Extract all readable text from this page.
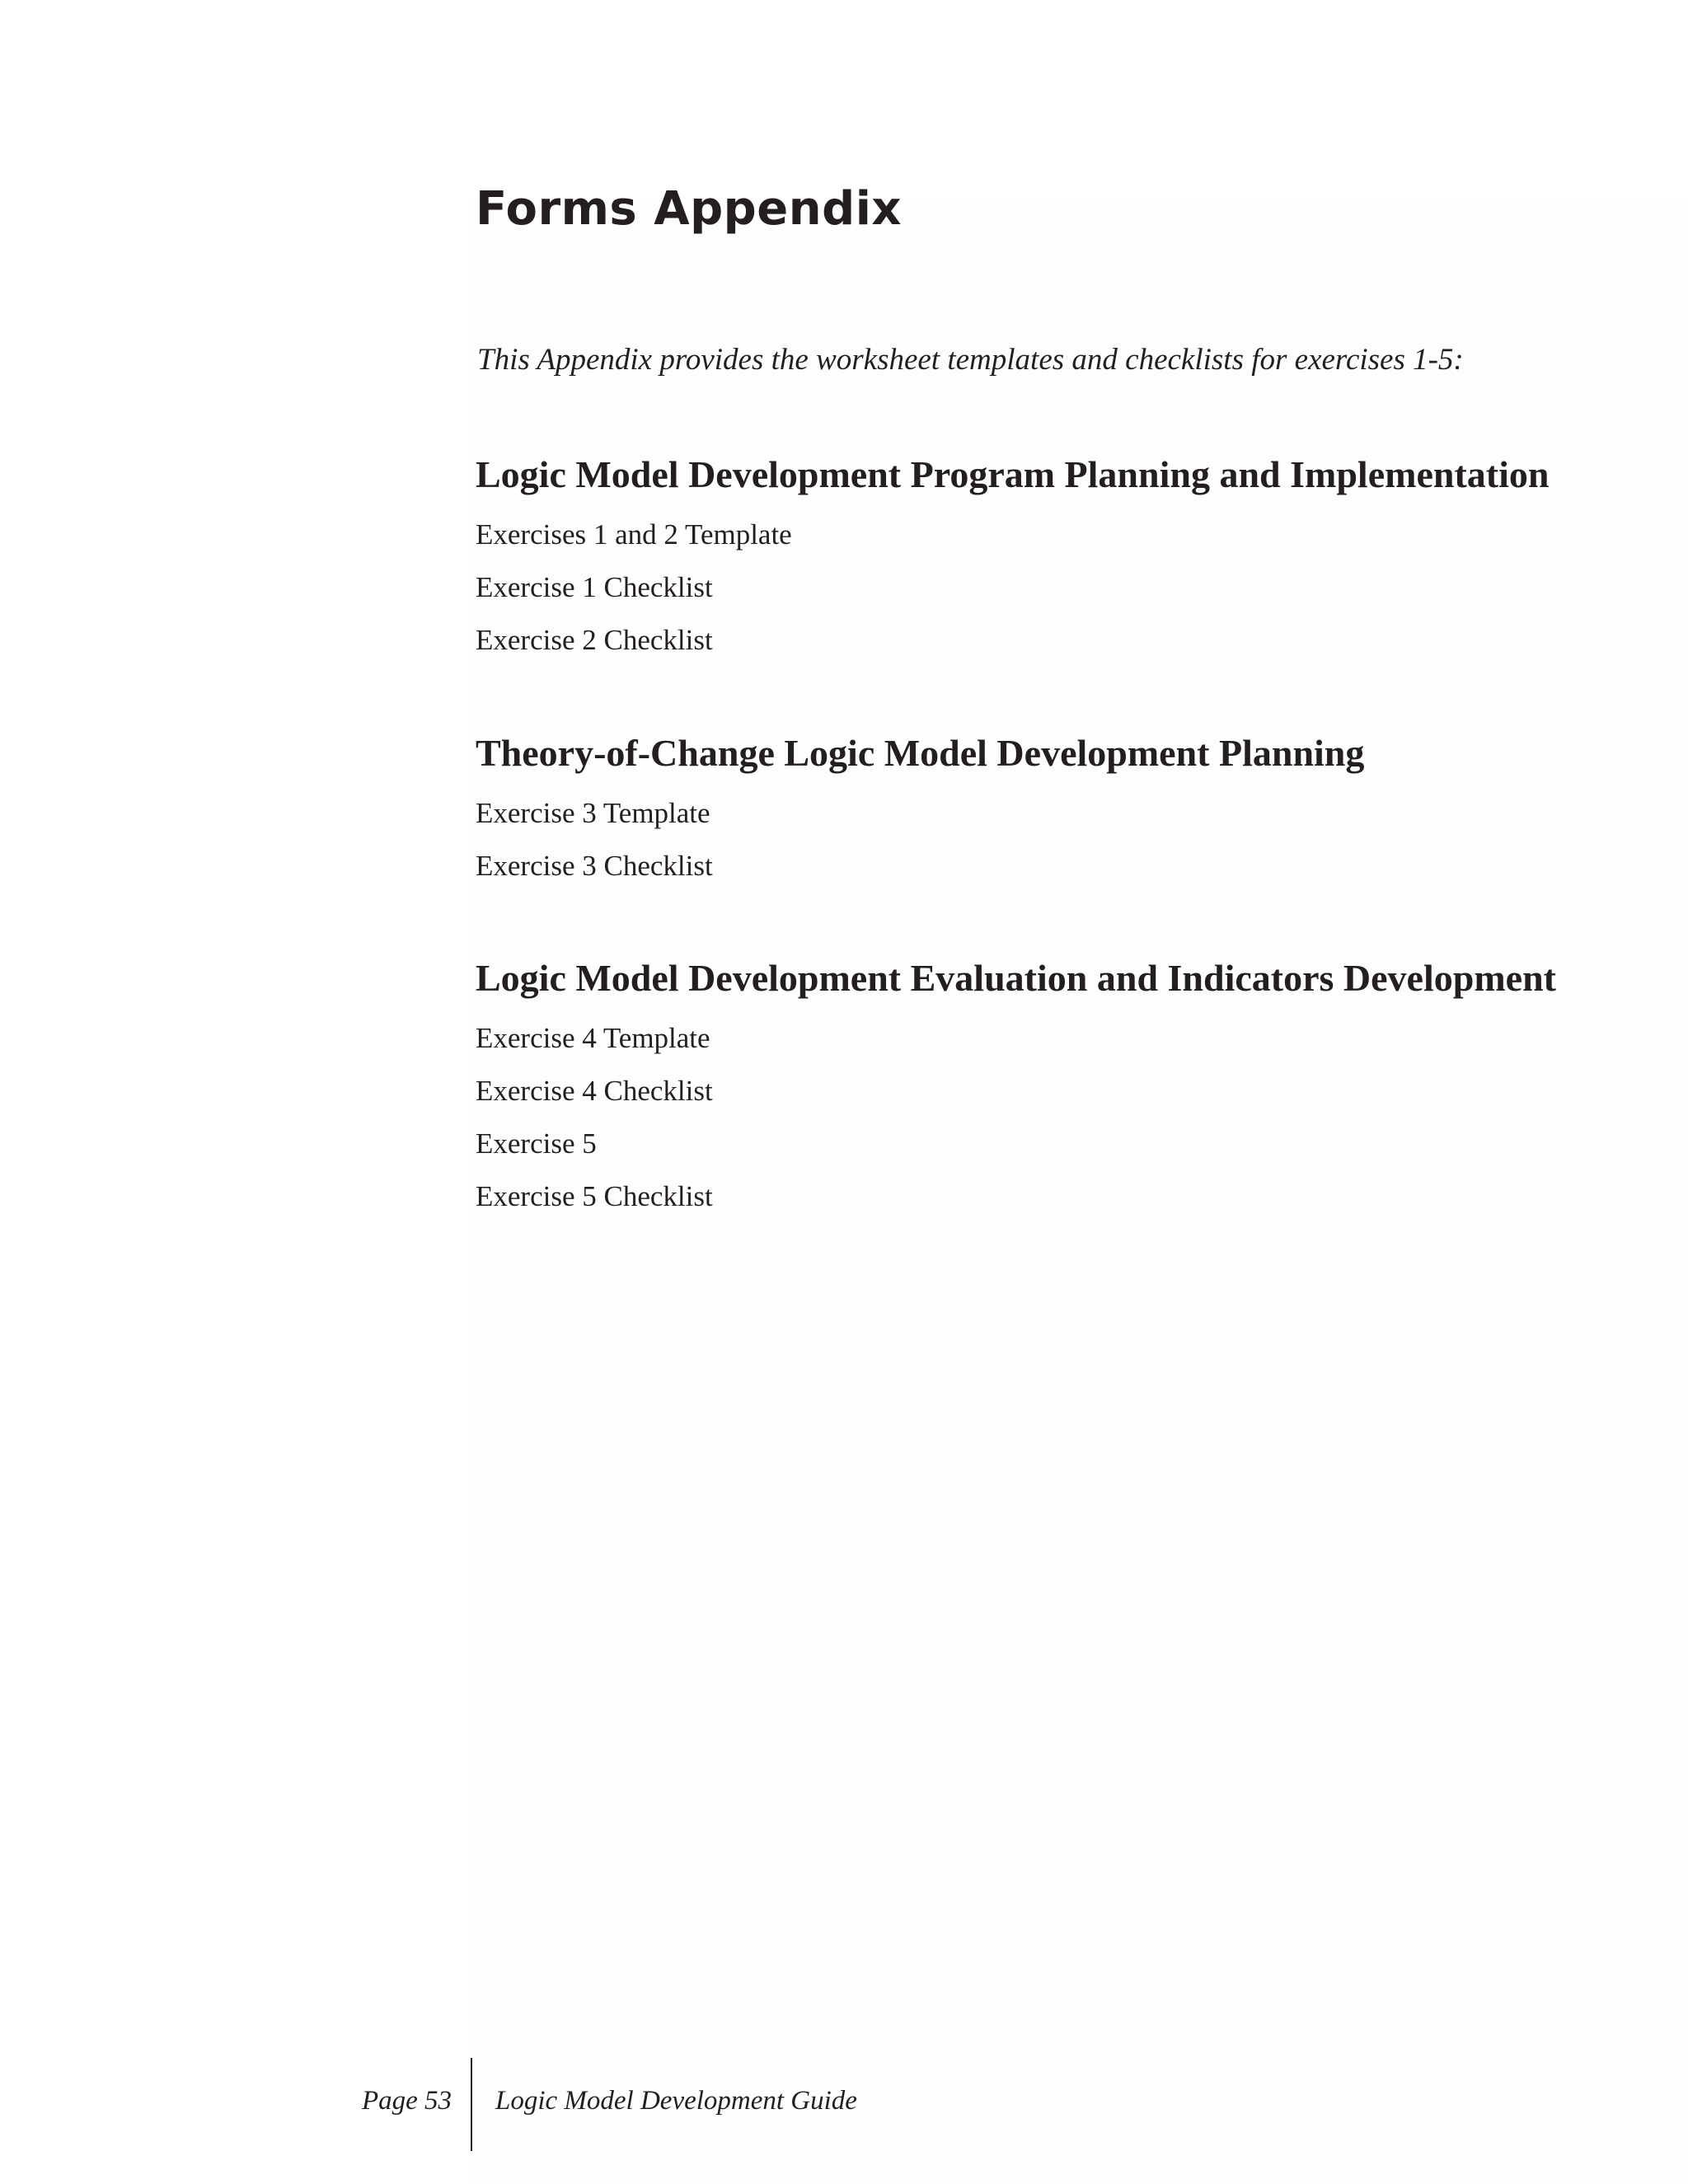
Forms Appendix

This Appendix provides the worksheet templates and checklists for exercises 1-5:

Logic Model Development Program Planning and Implementation

Exercises 1 and 2 Template

Exercise 1 Checklist

Exercise 2 Checklist

Theory-of-Change Logic Model Development Planning

Exercise 3 Template

Exercise 3 Checklist

Logic Model Development Evaluation and Indicators Development

Exercise 4 Template

Exercise 4 Checklist

Exercise 5

Exercise 5 Checklist

Page 53 Logic Model Development Guide
